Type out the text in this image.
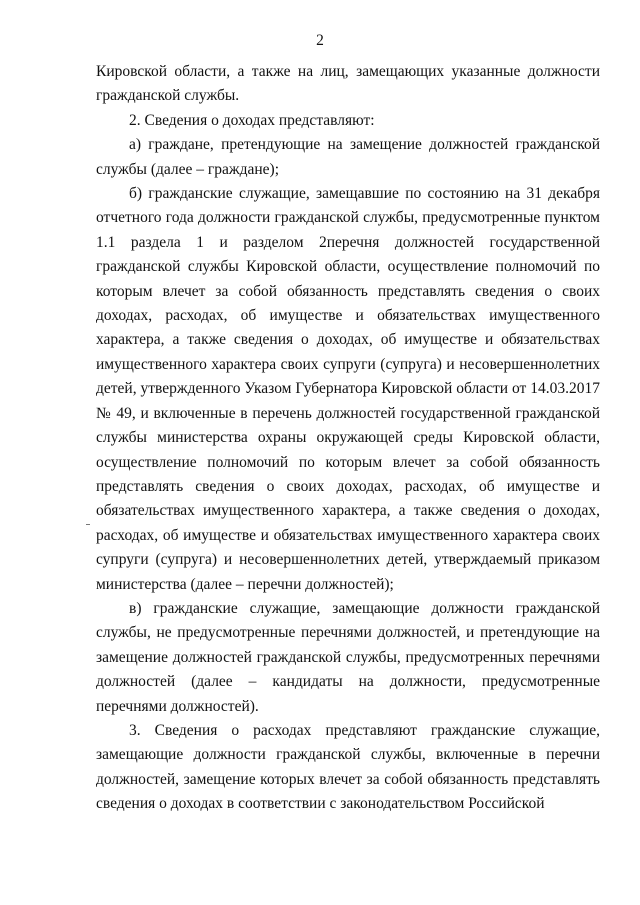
2

Кировской области, а также на лиц, замещающих указанные должности гражданской службы.

2. Сведения о доходах представляют:

а) граждане, претендующие на замещение должностей гражданской службы (далее – граждане);

б) гражданские служащие, замещавшие по состоянию на 31 декабря отчетного года должности гражданской службы, предусмотренные пунктом 1.1 раздела 1 и разделом 2перечня должностей государственной гражданской службы Кировской области, осуществление полномочий по которым влечет за собой обязанность представлять сведения о своих доходах, расходах, об имуществе и обязательствах имущественного характера, а также сведения о доходах, об имуществе и обязательствах имущественного характера своих супруги (супруга) и несовершеннолетних детей, утвержденного Указом Губернатора Кировской области от 14.03.2017 № 49, и включенные в перечень должностей государственной гражданской службы министерства охраны окружающей среды Кировской области, осуществление полномочий по которым влечет за собой обязанность представлять сведения о своих доходах, расходах, об имуществе и обязательствах имущественного характера, а также сведения о доходах, расходах, об имуществе и обязательствах имущественного характера своих супруги (супруга) и несовершеннолетних детей, утверждаемый приказом министерства (далее – перечни должностей);

в) гражданские служащие, замещающие должности гражданской службы, не предусмотренные перечнями должностей, и претендующие на замещение должностей гражданской службы, предусмотренных перечнями должностей (далее – кандидаты на должности, предусмотренные перечнями должностей).

3. Сведения о расходах представляют гражданские служащие, замещающие должности гражданской службы, включенные в перечни должностей, замещение которых влечет за собой обязанность представлять сведения о доходах в соответствии с законодательством Российской
